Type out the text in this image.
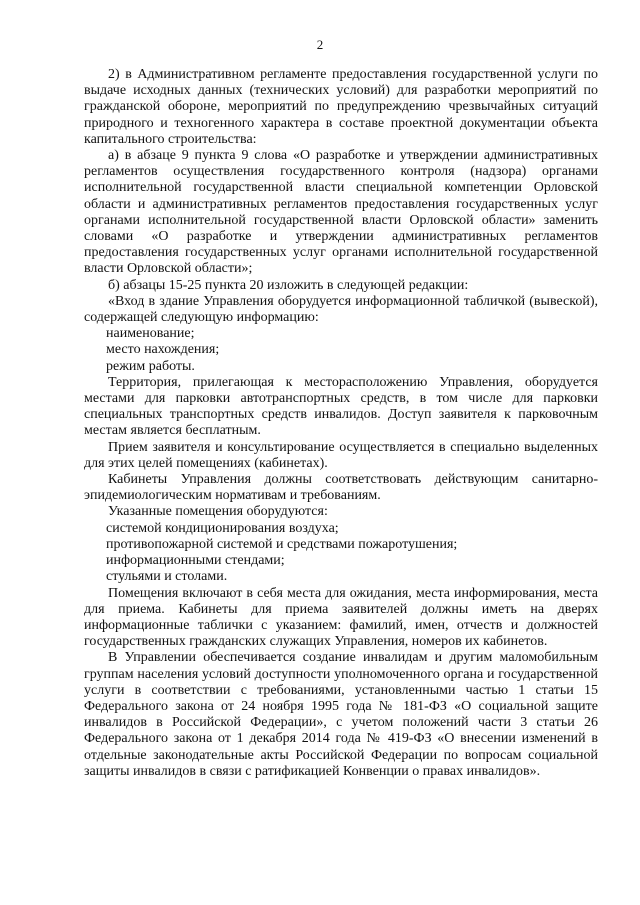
2

2) в Административном регламенте предоставления государственной услуги по выдаче исходных данных (технических условий) для разработки мероприятий по гражданской обороне, мероприятий по предупреждению чрезвычайных ситуаций природного и техногенного характера в составе проектной документации объекта капитального строительства:

а) в абзаце 9 пункта 9 слова «О разработке и утверждении административных регламентов осуществления государственного контроля (надзора) органами исполнительной государственной власти специальной компетенции Орловской области и административных регламентов предоставления государственных услуг органами исполнительной государственной власти Орловской области» заменить словами «О разработке и утверждении административных регламентов предоставления государственных услуг органами исполнительной государственной власти Орловской области»;

б) абзацы 15-25 пункта 20 изложить в следующей редакции:

«Вход в здание Управления оборудуется информационной табличкой (вывеской), содержащей следующую информацию:

наименование;

место нахождения;

режим работы.

Территория, прилегающая к месторасположению Управления, оборудуется местами для парковки автотранспортных средств, в том числе для парковки специальных транспортных средств инвалидов. Доступ заявителя к парковочным местам является бесплатным.

Прием заявителя и консультирование осуществляется в специально выделенных для этих целей помещениях (кабинетах).

Кабинеты Управления должны соответствовать действующим санитарно-эпидемиологическим нормативам и требованиям.

Указанные помещения оборудуются:

системой кондиционирования воздуха;

противопожарной системой и средствами пожаротушения;

информационными стендами;

стульями и столами.

Помещения включают в себя места для ожидания, места информирования, места для приема. Кабинеты для приема заявителей должны иметь на дверях информационные таблички с указанием: фамилий, имен, отчеств и должностей государственных гражданских служащих Управления, номеров их кабинетов.

В Управлении обеспечивается создание инвалидам и другим маломобильным группам населения условий доступности уполномоченного органа и государственной услуги в соответствии с требованиями, установленными частью 1 статьи 15 Федерального закона от 24 ноября 1995 года № 181-ФЗ «О социальной защите инвалидов в Российской Федерации», с учетом положений части 3 статьи 26 Федерального закона от 1 декабря 2014 года № 419-ФЗ «О внесении изменений в отдельные законодательные акты Российской Федерации по вопросам социальной защиты инвалидов в связи с ратификацией Конвенции о правах инвалидов».
